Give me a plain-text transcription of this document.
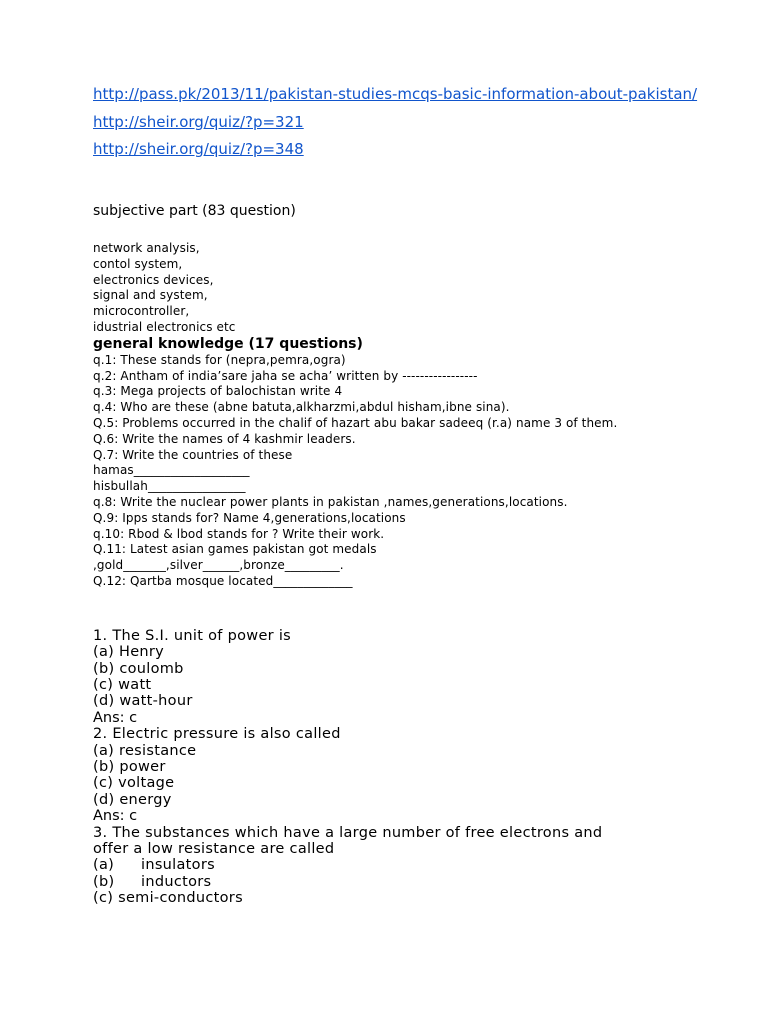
http://pass.pk/2013/11/pakistan-studies-mcqs-basic-information-about-pakistan/
http://sheir.org/quiz/?p=321
http://sheir.org/quiz/?p=348
subjective part (83 question)
network analysis,
contol system,
electronics devices,
signal and system,
microcontroller,
idustrial electronics etc
general knowledge (17 questions)
q.1: These stands for (nepra,pemra,ogra)
q.2: Antham of india’sare jaha se acha’ written by -----------------
q.3: Mega projects of balochistan write 4
q.4: Who are these (abne batuta,alkharzmi,abdul hisham,ibne sina).
Q.5: Problems occurred in the chalif of hazart abu bakar sadeeq (r.a) name 3 of them.
Q.6: Write the names of 4 kashmir leaders.
Q.7: Write the countries of these
hamas___________________
hisbullah________________
q.8: Write the nuclear power plants in pakistan ,names,generations,locations.
Q.9: Ipps stands for? Name 4,generations,locations
q.10: Rbod & lbod stands for ? Write their work.
Q.11: Latest asian games pakistan got medals
,gold_______,silver______,bronze_________.
Q.12: Qartba mosque located_____________
1. The S.I. unit of power is
(a) Henry
(b) coulomb
(c) watt
(d) watt-hour
Ans: c
2. Electric pressure is also called
(a) resistance
(b) power
(c) voltage
(d) energy
Ans: c
3. The substances which have a large number of free electrons and
offer a low resistance are called
(a) insulators
(b) inductors
(c) semi-conductors
